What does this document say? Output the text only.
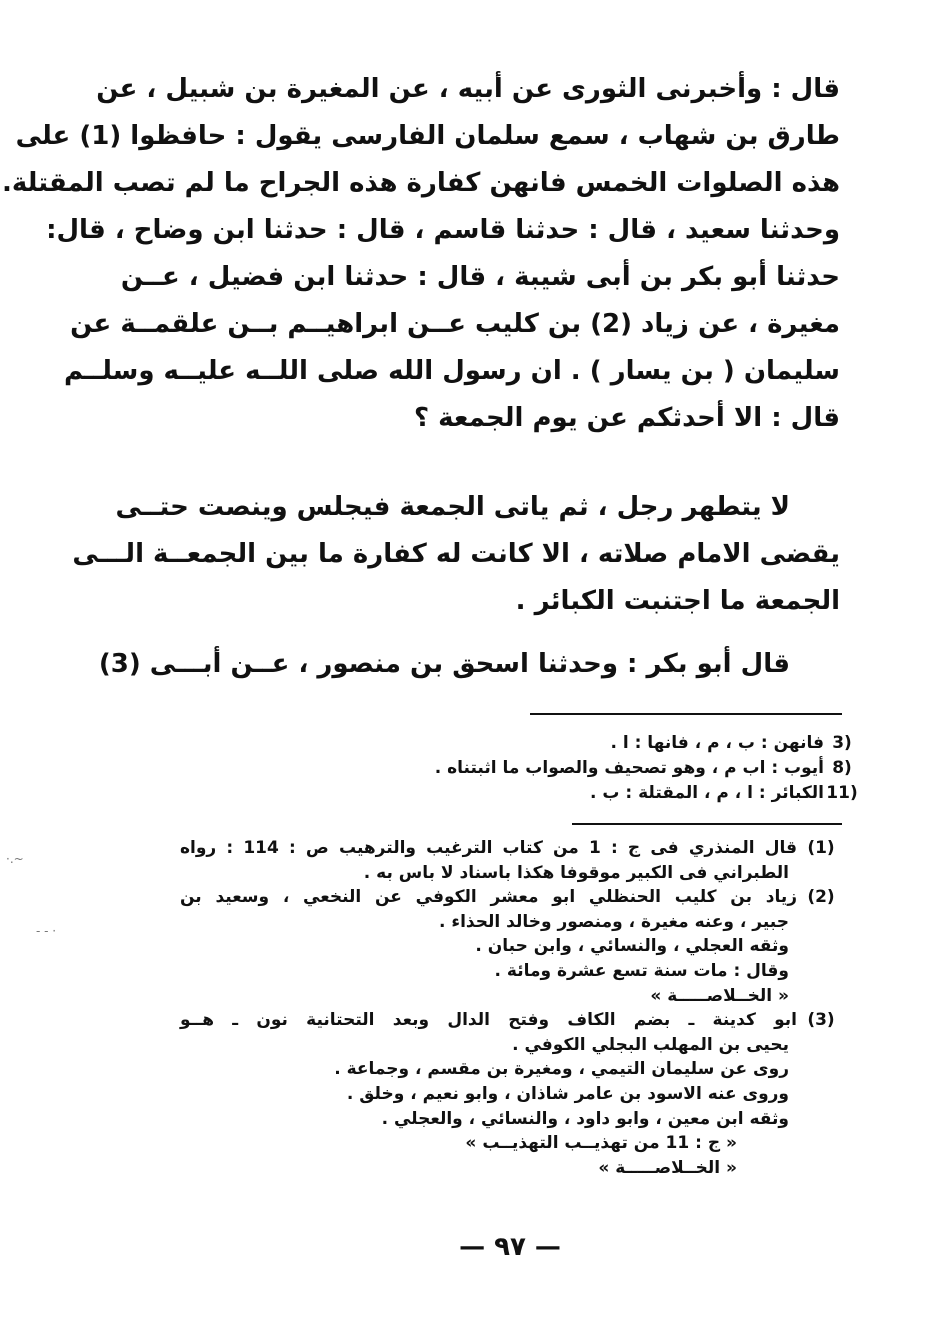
قال : وأخبرنى الثورى عن أبيه ، عن المغيرة بن شبيل ، عن
طارق بن شهاب ، سمع سلمان الفارسى يقول : حافظوا (1) على
هذه الصلوات الخمس فانهن كفارة هذه الجراح ما لم تصب المقتلة.
وحدثنا سعيد ، قال : حدثنا قاسم ، قال : حدثنا ابن وضاح ، قال:
حدثنا أبو بكر بن أبى شيبة ، قال : حدثنا ابن فضيل ، عــن
مغيرة ، عن زياد (2) بن كليب عــن ابراهيــم بــن علقمــة عن
سليمان ( بن يسار ) . ان رسول الله صلى اللــه عليــه وسلــم
قال : الا أحدثكم عن يوم الجمعة ؟
لا يتطهر رجل ، ثم ياتى الجمعة فيجلس وينصت حتــى
يقضى الامام صلاته ، الا كانت له كفارة ما بين الجمعــة الـــى
الجمعة ما اجتنبت الكبائر .
قال أبو بكر : وحدثنا اسحق بن منصور ، عــن أبـــى (3)
3)
فانهن : ب ، م ، فانها : ا .
8)
أيوب : اب م ، وهو تصحيف والصواب ما اثبتناه .
11)
الكبائر : ا ، م ، المقتلة : ب .
(1)
قال المنذري فى ج : 1 من كتاب الترغيب والترهيب ص : 114 : رواه
الطبراني فى الكبير موقوفا هكذا باسناد لا باس به .
(2)
زياد بن كليب الحنظلي ابو معشر الكوفي عن النخعي ، وسعيد بن
جبير ، وعنه مغيرة ، ومنصور وخالد الحذاء .
وثقه العجلي ، والنسائي ، وابن حبان .
وقال : مات سنة تسع عشرة ومائة .
« الخــلاصـــــة »
(3)
ابو كدينة ـ بضم الكاف وفتح الدال وبعد التحتانية نون ـ هــو
يحيى بن المهلب البجلي الكوفي .
روى عن سليمان التيمي ، ومغيرة بن مقسم ، وجماعة .
وروى عنه الاسود بن عامر شاذان ، وابو نعيم ، وخلق .
وثقه ابن معين ، وابو داود ، والنسائي ، والعجلي .
« ج : 11 من تهذيــب التهذيــب »
« الخــلاصـــــة »
— ٩٧ —
·.~
- - ·
